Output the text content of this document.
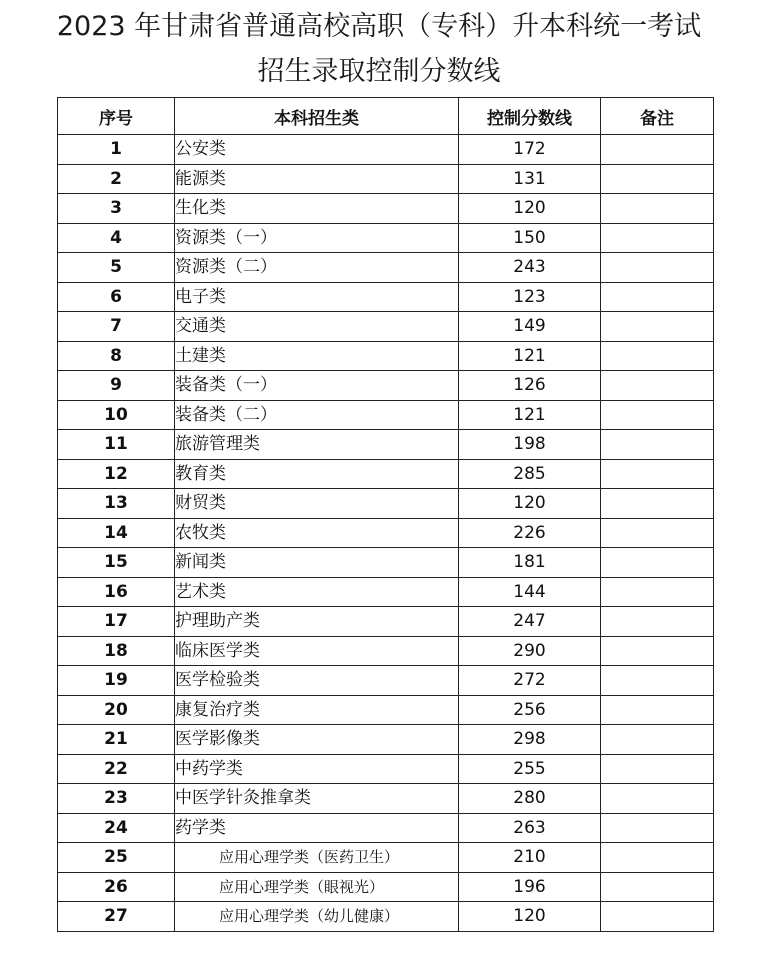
2023 年甘肃省普通高校高职（专科）升本科统一考试
招生录取控制分数线
序号	本科招生类	控制分数线	备注
1	公安类	172	
2	能源类	131	
3	生化类	120	
4	资源类（一）	150	
5	资源类（二）	243	
6	电子类	123	
7	交通类	149	
8	土建类	121	
9	装备类（一）	126	
10	装备类（二）	121	
11	旅游管理类	198	
12	教育类	285	
13	财贸类	120	
14	农牧类	226	
15	新闻类	181	
16	艺术类	144	
17	护理助产类	247	
18	临床医学类	290	
19	医学检验类	272	
20	康复治疗类	256	
21	医学影像类	298	
22	中药学类	255	
23	中医学针灸推拿类	280	
24	药学类	263	
25	应用心理学类（医药卫生）	210	
26	应用心理学类（眼视光）	196	
27	应用心理学类（幼儿健康）	120	
